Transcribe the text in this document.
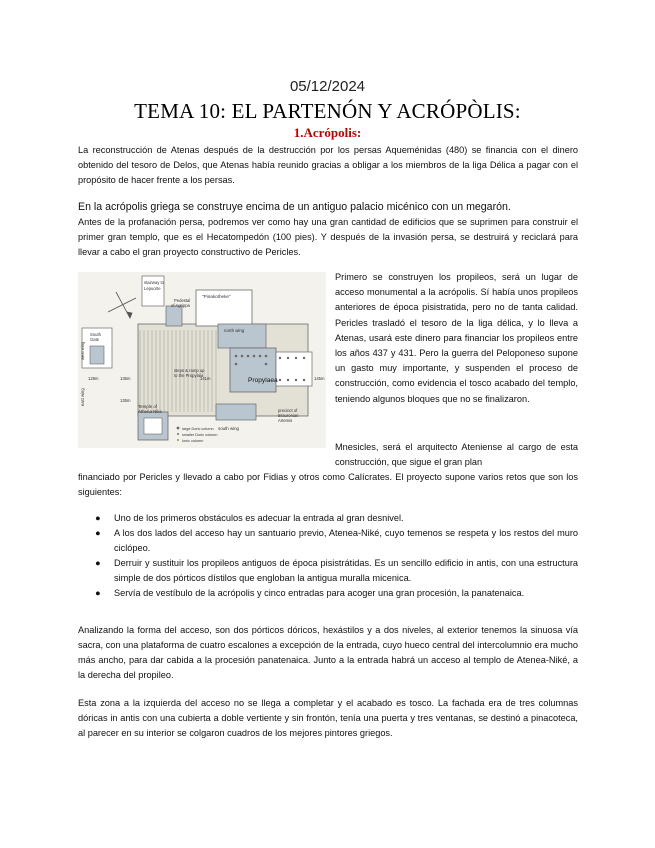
05/12/2024
TEMA 10: EL PARTENÓN Y ACRÓPÒLIS:
1.Acrópolis:

La reconstrucción de Atenas después de la destrucción por los persas Aqueménidas (480) se financia con el dinero obtenido del tesoro de Delos, que Atenas había reunido gracias a obligar a los miembros de la liga Délica a pagar con el propósito de hacer frente a los persas.

En la acrópolis griega se construye encima de un antiguo palacio micénico con un megarón.

Antes de la profanación persa, podremos ver como hay una gran cantidad de edificios que se suprimen para construir el primer gran templo, que es el Hecatompedón (100 pies). Y después de la invasión persa, se destruirá y reciclará para llevar a cabo el gran proyecto constructivo de Pericles.

stairway to
Lepuorte
"Pinakotheke"
north wing
Pedestal
of Agrippa
South
Gate
steps & ramp up
to the Propylaia
west wing
east wing
Propylaea
128m	135m	141m	145m
135m
Temple of
Athena Nike
south wing
precinct of
Brauronian
Artemis
large Doric column
smaller Doric column
Ionic column

Primero se construyen los propileos, será un lugar de acceso monumental a la acrópolis. Sí había unos propileos anteriores de época pisistratida, pero no de tanta calidad. Pericles trasladó el tesoro de la liga délica, y lo lleva a Atenas, usará este dinero para financiar los propileos entre los años 437 y 431. Pero la guerra del Peloponeso supone un gasto muy importante, y suspenden el proceso de construcción, como evidencia el tosco acabado del templo, teniendo algunos bloques que no se finalizaron.

Mnesicles, será el arquitecto Ateniense al cargo de esta construcción, que sigue el gran plan

financiado por Pericles y llevado a cabo por Fidias y otros como Calícrates. El proyecto supone varios retos que son los siguientes:

● Uno de los primeros obstáculos es adecuar la entrada al gran desnivel.
● A los dos lados del acceso hay un santuario previo, Atenea-Niké, cuyo temenos se respeta y los restos del muro ciclópeo.
● Derruir y sustituir los propileos antiguos de época pisistrátidas. Es un sencillo edificio in antis, con una estructura simple de dos pórticos dístilos que engloban la antigua muralla micenica.
● Servía de vestíbulo de la acrópolis y cinco entradas para acoger una gran procesión, la panatenaica.

Analizando la forma del acceso, son dos pórticos dóricos, hexástilos y a dos niveles, al exterior tenemos la sinuosa vía sacra, con una plataforma de cuatro escalones a excepción de la entrada, cuyo hueco central del intercolumnio era mucho más ancho, para dar cabida a la procesión panatenaica. Junto a la entrada habrá un acceso al templo de Atenea-Niké, a la derecha del propileo.

Esta zona a la izquierda del acceso no se llega a completar y el acabado es tosco. La fachada era de tres columnas dóricas in antis con una cubierta a doble vertiente y sin frontón, tenía una puerta y tres ventanas, se destinó a pinacoteca, al parecer en su interior se colgaron cuadros de los mejores pintores griegos.
